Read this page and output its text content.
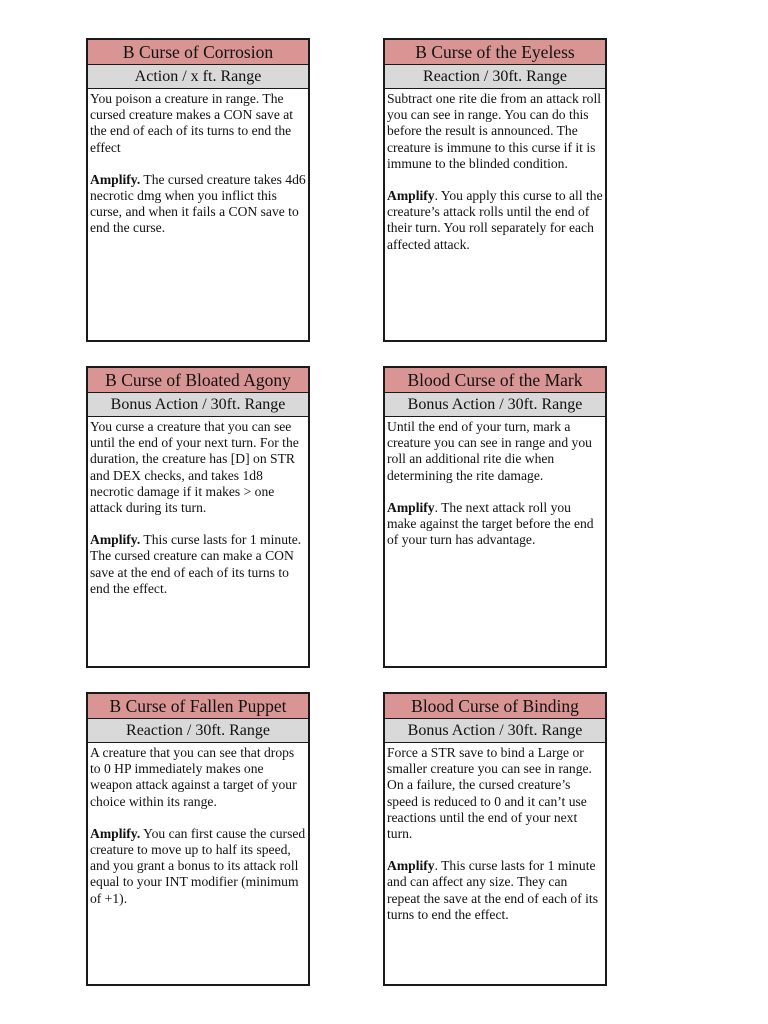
B Curse of Corrosion
Action / x ft. Range

You poison a creature in range. The cursed creature makes a CON save at the end of each of its turns to end the effect

Amplify. The cursed creature takes 4d6 necrotic dmg when you inflict this curse, and when it fails a CON save to end the curse.

B Curse of the Eyeless
Reaction / 30ft. Range

Subtract one rite die from an attack roll you can see in range. You can do this before the result is announced. The creature is immune to this curse if it is immune to the blinded condition.

Amplify. You apply this curse to all the creature’s attack rolls until the end of their turn. You roll separately for each affected attack.

B Curse of Bloated Agony
Bonus Action / 30ft. Range

You curse a creature that you can see until the end of your next turn. For the duration, the creature has [D] on STR and DEX checks, and takes 1d8 necrotic damage if it makes > one attack during its turn.

Amplify. This curse lasts for 1 minute. The cursed creature can make a CON save at the end of each of its turns to end the effect.

Blood Curse of the Mark
Bonus Action / 30ft. Range

Until the end of your turn, mark a creature you can see in range and you roll an additional rite die when determining the rite damage.

Amplify. The next attack roll you make against the target before the end of your turn has advantage.

B Curse of Fallen Puppet
Reaction / 30ft. Range

A creature that you can see that drops to 0 HP immediately makes one weapon attack against a target of your choice within its range.

Amplify. You can first cause the cursed creature to move up to half its speed, and you grant a bonus to its attack roll equal to your INT modifier (minimum of +1).

Blood Curse of Binding
Bonus Action / 30ft. Range

Force a STR save to bind a Large or smaller creature you can see in range. On a failure, the cursed creature’s speed is reduced to 0 and it can’t use reactions until the end of your next turn.

Amplify. This curse lasts for 1 minute and can affect any size. They can repeat the save at the end of each of its turns to end the effect.
